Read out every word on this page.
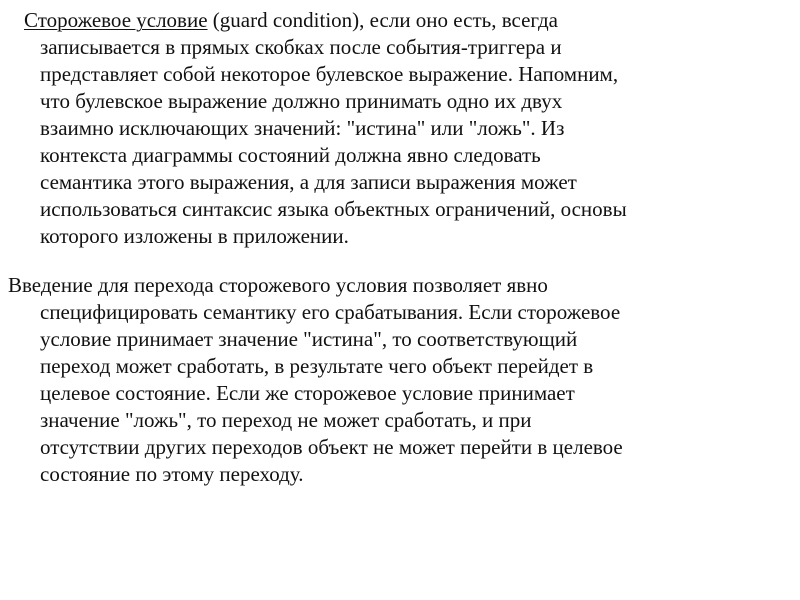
Сторожевое условие (guard condition), если оно есть, всегда
записывается в прямых скобках после события-триггера и
представляет собой некоторое булевское выражение. Напомним,
что булевское выражение должно принимать одно их двух
взаимно исключающих значений: "истина" или "ложь". Из
контекста диаграммы состояний должна явно следовать
семантика этого выражения, а для записи выражения может
использоваться синтаксис языка объектных ограничений, основы
которого изложены в приложении.
Введение для перехода сторожевого условия позволяет явно
специфицировать семантику его срабатывания. Если сторожевое
условие принимает значение "истина", то соответствующий
переход может сработать, в результате чего объект перейдет в
целевое состояние. Если же сторожевое условие принимает
значение "ложь", то переход не может сработать, и при
отсутствии других переходов объект не может перейти в целевое
состояние по этому переходу.
